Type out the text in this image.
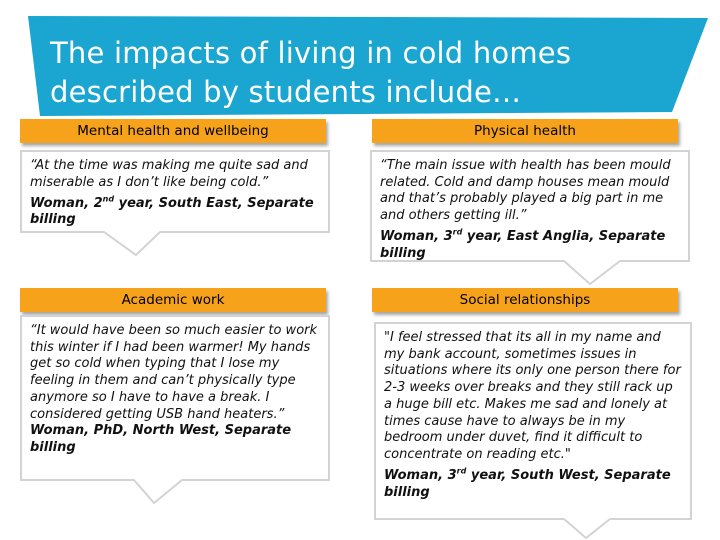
The impacts of living in cold homes
described by students include…
Mental health and wellbeing
“At the time was making me quite sad and miserable as I don’t like being cold.”
Woman, 2nd year, South East, Separate billing
Physical health
“The main issue with health has been mould related. Cold and damp houses mean mould and that’s probably played a big part in me and others getting ill.”
Woman, 3rd year, East Anglia, Separate billing
Academic work
“It would have been so much easier to work this winter if I had been warmer! My hands get so cold when typing that I lose my feeling in them and can’t physically type anymore so I have to have a break. I considered getting USB hand heaters.”
Woman, PhD, North West, Separate billing
Social relationships
"I feel stressed that its all in my name and my bank account, sometimes issues in situations where its only one person there for 2-3 weeks over breaks and they still rack up a huge bill etc. Makes me sad and lonely at times cause have to always be in my bedroom under duvet, find it difficult to concentrate on reading etc."
Woman, 3rd year, South West, Separate billing
